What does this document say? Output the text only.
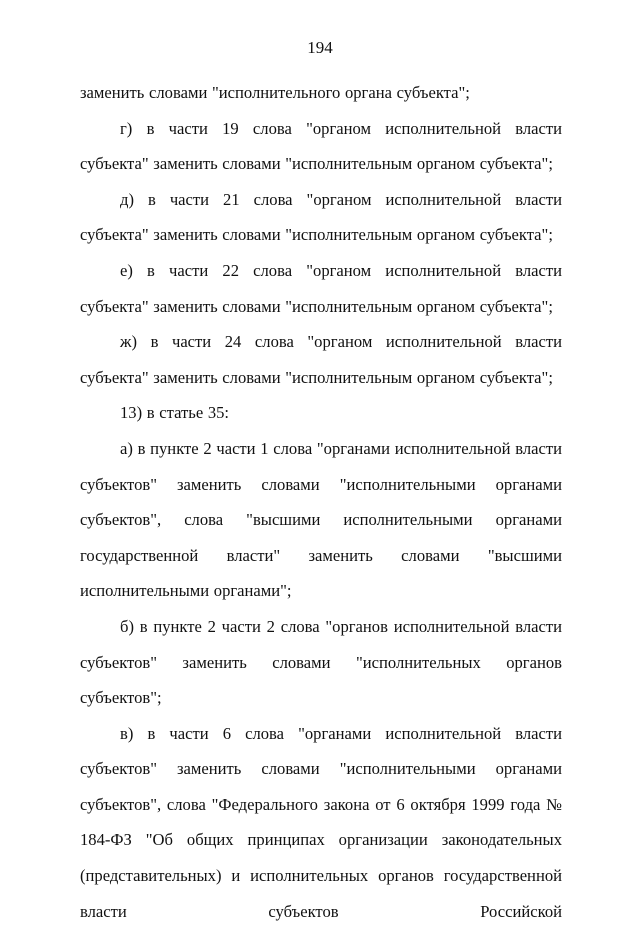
194

заменить словами "исполнительного органа субъекта";

г) в части 19 слова "органом исполнительной власти субъекта" заменить словами "исполнительным органом субъекта";

д) в части 21 слова "органом исполнительной власти субъекта" заменить словами "исполнительным органом субъекта";

е) в части 22 слова "органом исполнительной власти субъекта" заменить словами "исполнительным органом субъекта";

ж) в части 24 слова "органом исполнительной власти субъекта" заменить словами "исполнительным органом субъекта";

13) в статье 35:

а) в пункте 2 части 1 слова "органами исполнительной власти субъектов" заменить словами "исполнительными органами субъектов", слова "высшими исполнительными органами государственной власти" заменить словами "высшими исполнительными органами";

б) в пункте 2 части 2 слова "органов исполнительной власти субъектов" заменить словами "исполнительных органов субъектов";

в) в части 6 слова "органами исполнительной власти субъектов" заменить словами "исполнительными органами субъектов", слова "Федерального закона от 6 октября 1999 года № 184-ФЗ "Об общих принципах организации законодательных (представительных) и исполнительных органов государственной власти субъектов Российской
